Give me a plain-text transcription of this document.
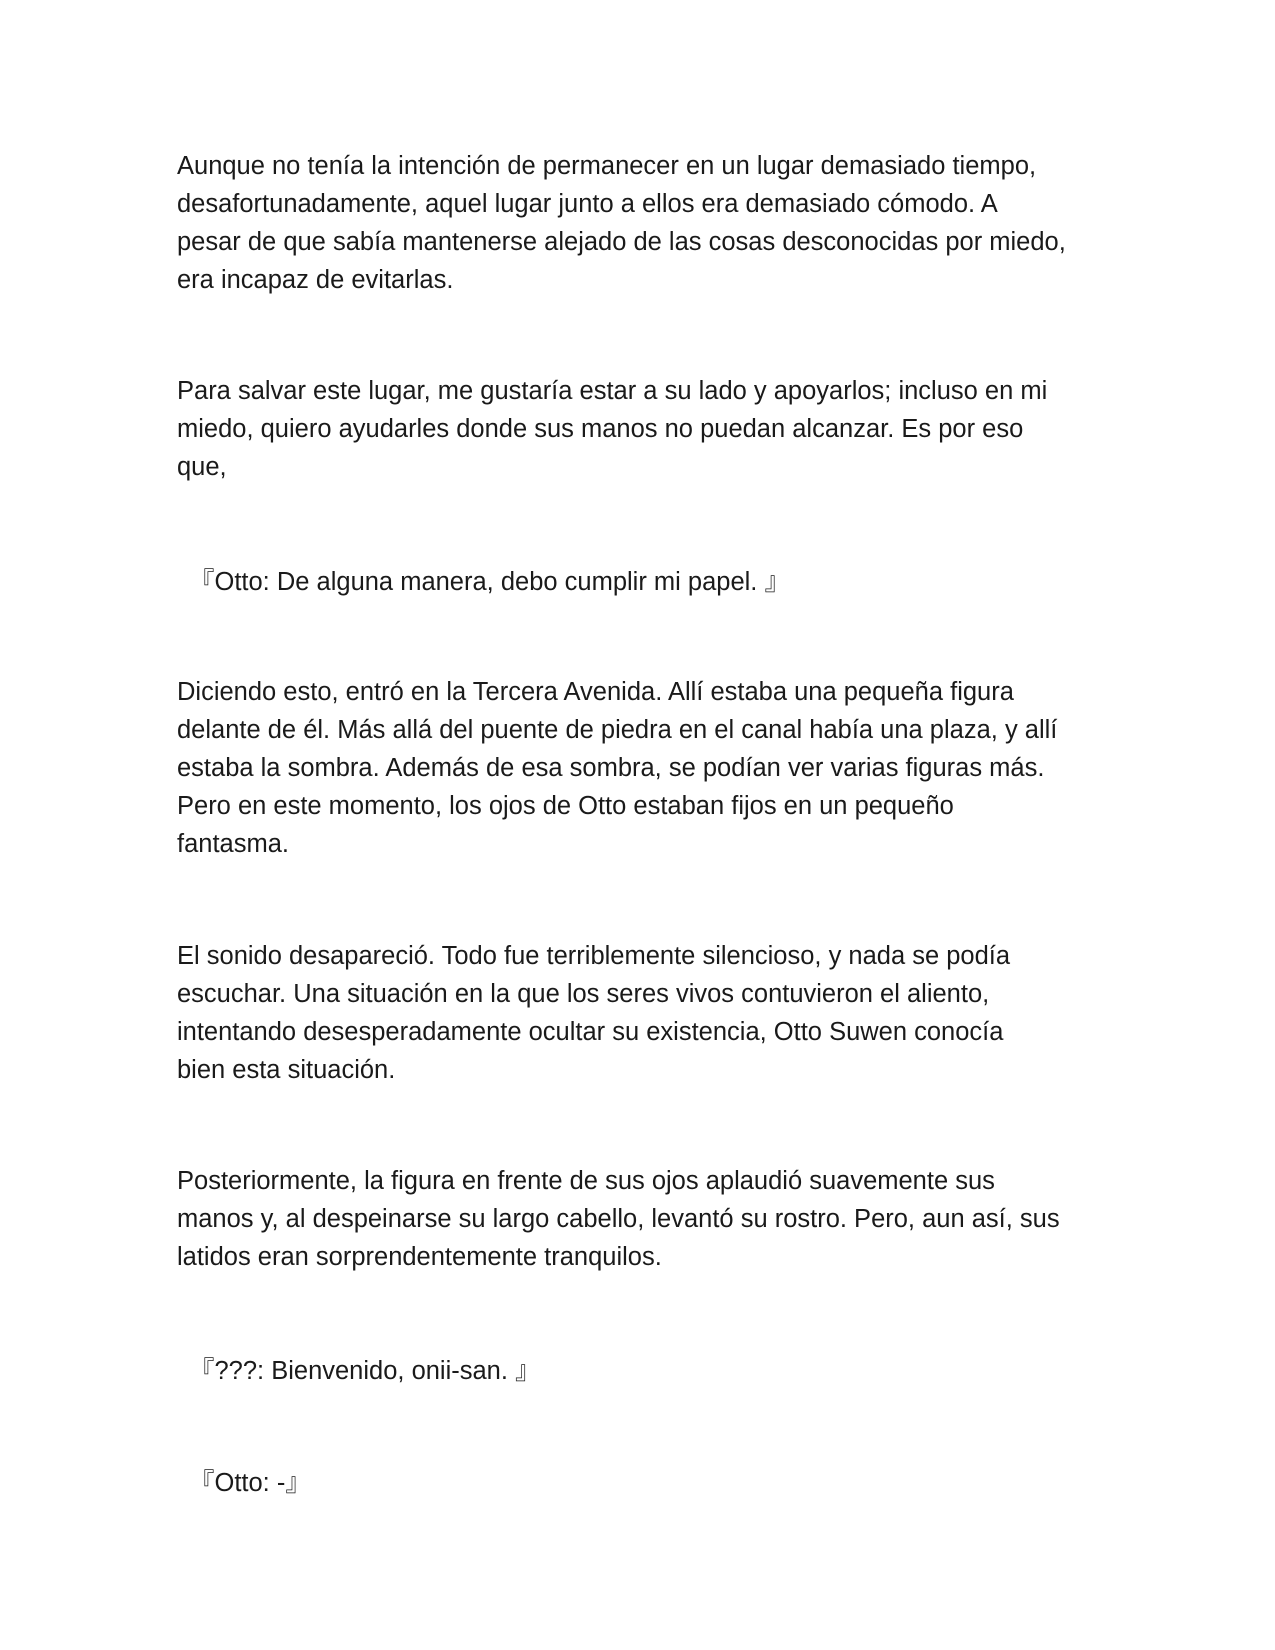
Aunque no tenía la intención de permanecer en un lugar demasiado tiempo,
desafortunadamente, aquel lugar junto a ellos era demasiado cómodo. A
pesar de que sabía mantenerse alejado de las cosas desconocidas por miedo,
era incapaz de evitarlas.

Para salvar este lugar, me gustaría estar a su lado y apoyarlos; incluso en mi
miedo, quiero ayudarles donde sus manos no puedan alcanzar. Es por eso
que,

『Otto: De alguna manera, debo cumplir mi papel. 』

Diciendo esto, entró en la Tercera Avenida. Allí estaba una pequeña figura
delante de él. Más allá del puente de piedra en el canal había una plaza, y allí
estaba la sombra. Además de esa sombra, se podían ver varias figuras más.
Pero en este momento, los ojos de Otto estaban fijos en un pequeño
fantasma.

El sonido desapareció. Todo fue terriblemente silencioso, y nada se podía
escuchar. Una situación en la que los seres vivos contuvieron el aliento,
intentando desesperadamente ocultar su existencia, Otto Suwen conocía
bien esta situación.

Posteriormente, la figura en frente de sus ojos aplaudió suavemente sus
manos y, al despeinarse su largo cabello, levantó su rostro. Pero, aun así, sus
latidos eran sorprendentemente tranquilos.

『???: Bienvenido, onii-san. 』

『Otto: -』
